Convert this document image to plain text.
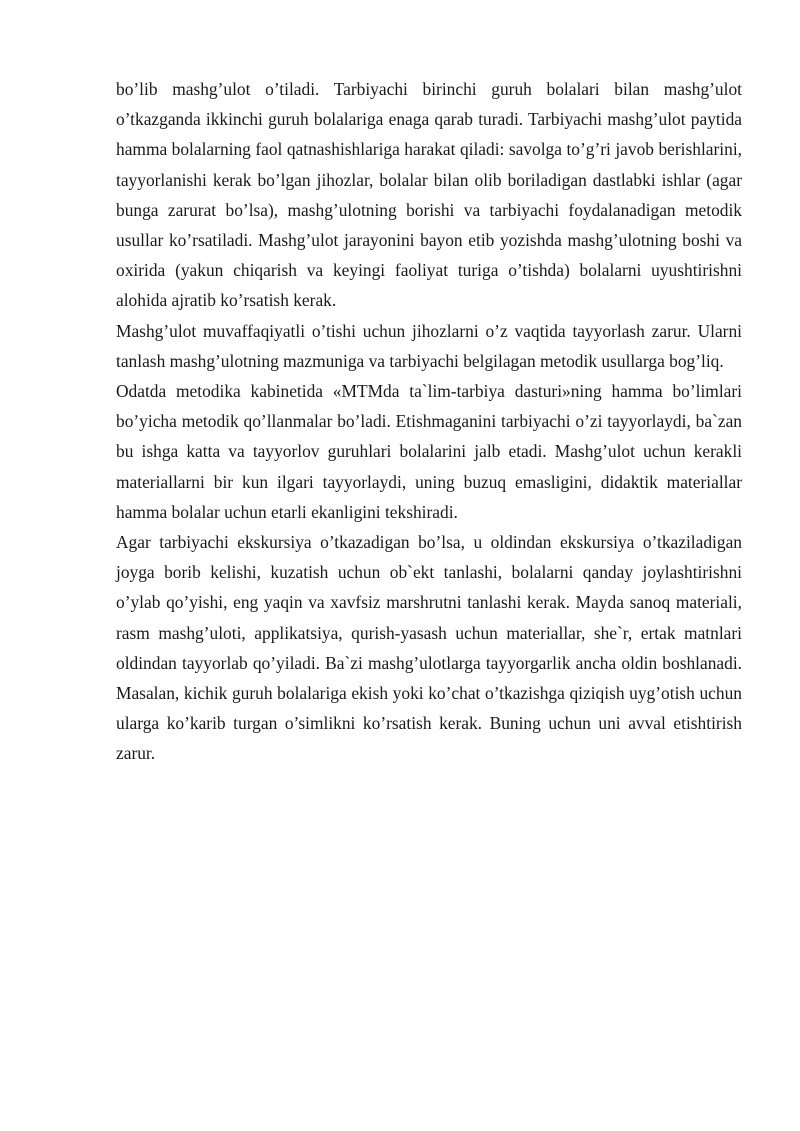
bo’lib mashg’ulot o’tiladi. Tarbiyachi birinchi guruh bolalari bilan mashg’ulot o’tkazganda ikkinchi guruh bolalariga enaga qarab turadi. Tarbiyachi mashg’ulot paytida hamma bolalarning faol qatnashishlariga harakat qiladi: savolga to’g’ri javob berishlarini, tayyorlanishi kerak bo’lgan jihozlar, bolalar bilan olib boriladigan dastlabki ishlar (agar bunga zarurat bo’lsa), mashg’ulotning borishi va tarbiyachi foydalanadigan metodik usullar ko’rsatiladi. Mashg’ulot jarayonini bayon etib yozishda mashg’ulotning boshi va oxirida (yakun chiqarish va keyingi faoliyat turiga o’tishda) bolalarni uyushtirishni alohida ajratib ko’rsatish kerak.

Mashg’ulot muvaffaqiyatli o’tishi uchun jihozlarni o’z vaqtida tayyorlash zarur. Ularni tanlash mashg’ulotning mazmuniga va tarbiyachi belgilagan metodik usullarga bog’liq.

Odatda metodika kabinetida «MTMda ta`lim-tarbiya dasturi»ning hamma bo’limlari bo’yicha metodik qo’llanmalar bo’ladi. Etishmaganini tarbiyachi o’zi tayyorlaydi, ba`zan bu ishga katta va tayyorlov guruhlari bolalarini jalb etadi. Mashg’ulot uchun kerakli materiallarni bir kun ilgari tayyorlaydi, uning buzuq emasligini, didaktik materiallar hamma bolalar uchun etarli ekanligini tekshiradi.

Agar tarbiyachi ekskursiya o’tkazadigan bo’lsa, u oldindan ekskursiya o’tkaziladigan joyga borib kelishi, kuzatish uchun ob`ekt tanlashi, bolalarni qanday joylashtirishni o’ylab qo’yishi, eng yaqin va xavfsiz marshrutni tanlashi kerak. Mayda sanoq materiali, rasm mashg’uloti, applikatsiya, qurish-yasash uchun materiallar, she`r, ertak matnlari oldindan tayyorlab qo’yiladi. Ba`zi mashg’ulotlarga tayyorgarlik ancha oldin boshlanadi. Masalan, kichik guruh bolalariga ekish yoki ko’chat o’tkazishga qiziqish uyg’otish uchun ularga ko’karib turgan o’simlikni ko’rsatish kerak. Buning uchun uni avval etishtirish zarur.
